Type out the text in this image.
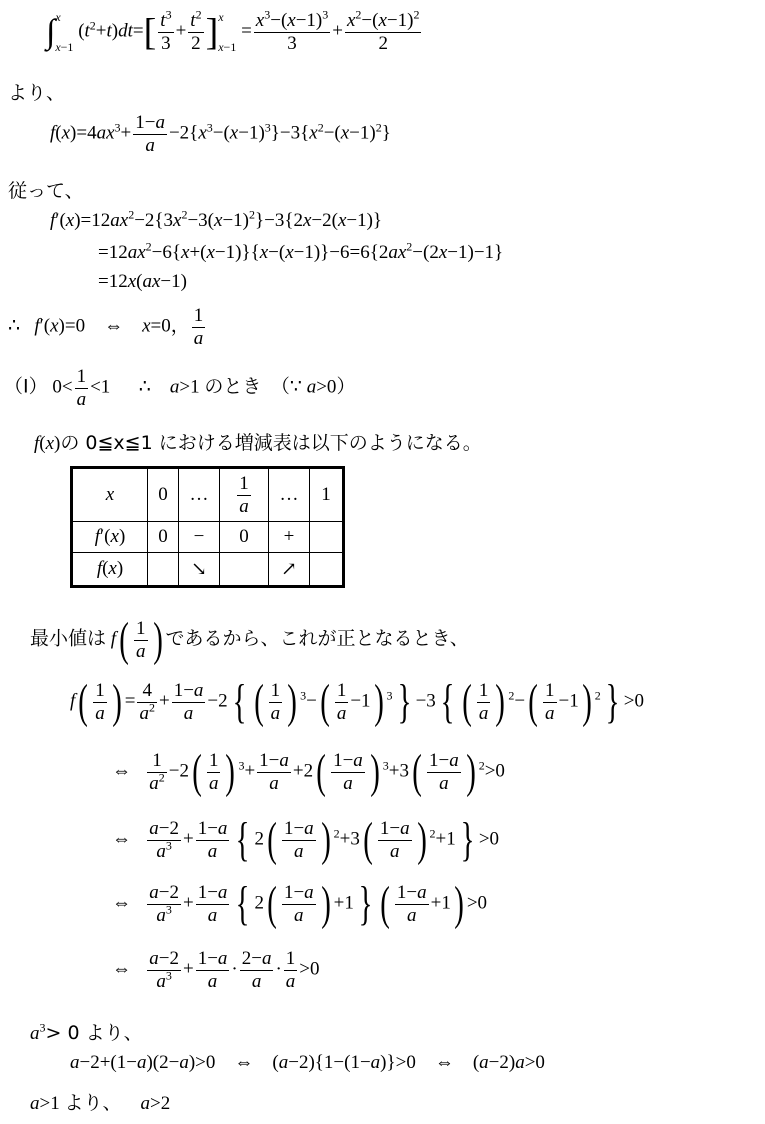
∫ x
x−1
$(t^2+t)dt=[ \frac{t^3}{3} + \frac{t^2}{2}$ ] x
x−1
= $\frac{x^3-(x-1)^3}{3} + \frac{x^2-(x-1)^2}{2}$
より、
$f(x)=4ax^3+ \frac{1-a}{a} -2\{x^3-(x-1)^3\}-3\{x^2-(x-1)^2\}$
従って、
$f'(x)=12ax^2-2\{3x^2-3(x-1)^2\}-3\{2x-2(x-1)\}$
$=12ax^2-6\{x+(x-1)\}\{x-(x-1)\}-6=6\{2ax^2-(2x-1)-1\}$
=12x(ax−1)
∴ f′(x)=0    ⇔ x=0， $\frac{1}{a}$
（Ⅰ） $0< \frac{1}{a} <1$      ∴    a>1 のとき （∵ a>0）
f(x)の 0≦x≦1 における増減表は以下のようになる。
x	0	…	$\frac{1}{a}$	…	1
f′(x)	0	−	0	+	
f(x)		↘		↗	
最小値は $f( \frac{1}{a}$ ) であるから、これが正となるとき、
$f( \frac{1}{a}$ ) = $\frac{4}{a^2} + \frac{1-a}{a} -2${ ( $\frac{1}{a}$ ) $^3-( \frac{1}{a} -1)$ $^3$} −3{ ( $\frac{1}{a}$ ) $^2-( \frac{1}{a} -1)$ $^2$} >0
⇔ $\frac{1}{a^2} -2( \frac{1}{a}$ ) $^3+ \frac{1-a}{a} +2( \frac{1-a}{a}$ ) $^3+3( \frac{1-a}{a}$ ) $^2$>0
⇔ $\frac{a-2}{a^3} + \frac{1-a}{a}$ { $2( \frac{1-a}{a}$ ) $^2+3( \frac{1-a}{a}$ ) $^2$+1} >0
⇔ $\frac{a-2}{a^3} + \frac{1-a}{a}$ { $2( \frac{1-a}{a}$ ) +1} ( $\frac{1-a}{a} +1) >0$
⇔ $\frac{a-2}{a^3} + \frac{1-a}{a} \cdot \frac{2-a}{a} \cdot \frac{1}{a} >0$
$a^3> 0$ より、
a−2+(1−a)(2−a)>0    ⇔    (a−2){1−(1−a)}>0    ⇔    (a−2)a>0
a>1 より、 a>2
